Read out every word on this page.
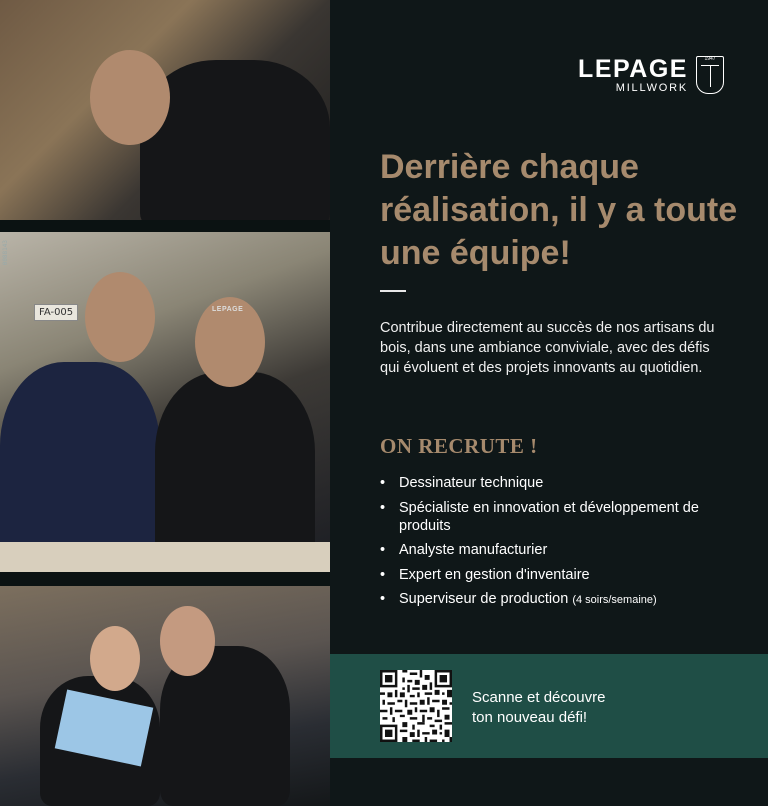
FA-005	LEPAGE
0088143
LEPAGE
MILLWORK
1947
Derrière chaque réalisation, il y a toute une équipe!
Contribue directement au succès de nos artisans du bois, dans une ambiance conviviale, avec des défis qui évoluent et des projets innovants au quotidien.
ON RECRUTE !
• Dessinateur technique
• Spécialiste en innovation et développement de produits
• Analyste manufacturier
• Expert en gestion d'inventaire
• Superviseur de production (4 soirs/semaine)
Scanne et découvre
ton nouveau défi!
